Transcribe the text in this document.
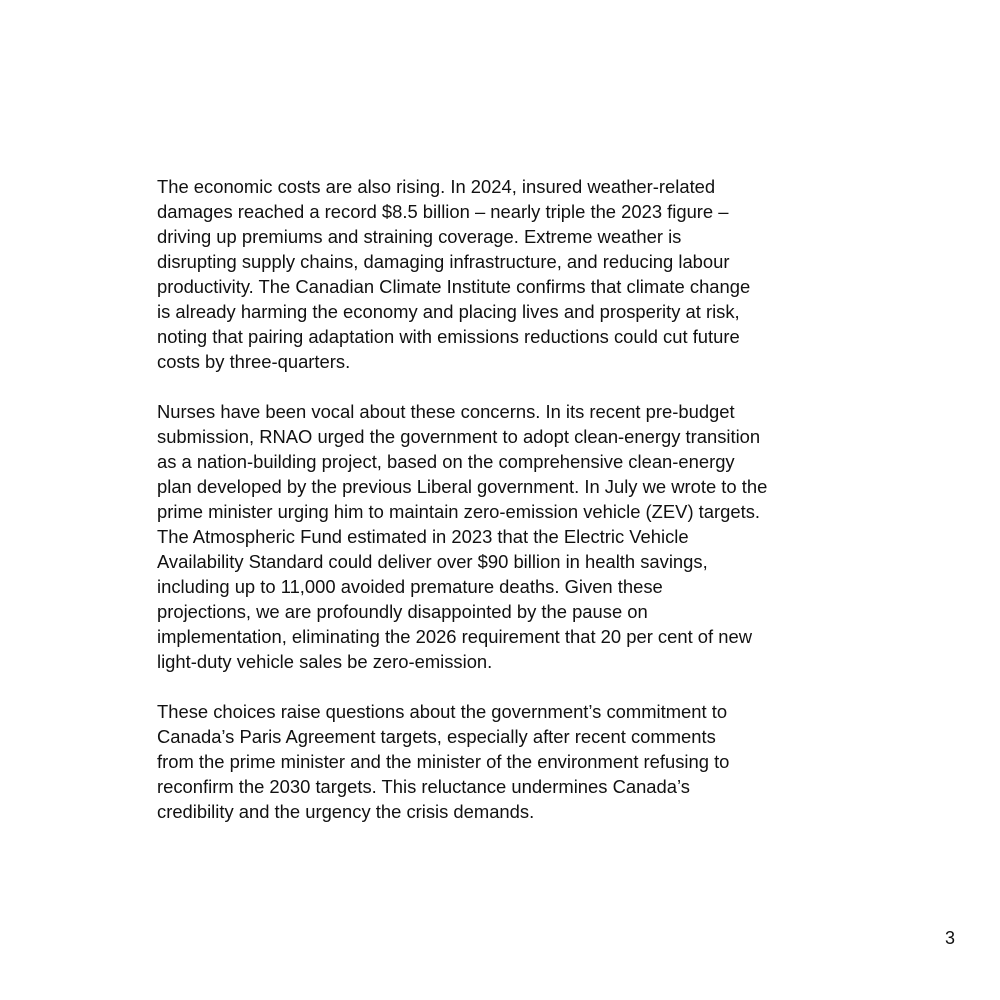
The economic costs are also rising. In 2024, insured weather-related
damages reached a record $8.5 billion – nearly triple the 2023 figure –
driving up premiums and straining coverage. Extreme weather is
disrupting supply chains, damaging infrastructure, and reducing labour
productivity. The Canadian Climate Institute confirms that climate change
is already harming the economy and placing lives and prosperity at risk,
noting that pairing adaptation with emissions reductions could cut future
costs by three-quarters.

Nurses have been vocal about these concerns. In its recent pre-budget
submission, RNAO urged the government to adopt clean-energy transition
as a nation-building project, based on the comprehensive clean-energy
plan developed by the previous Liberal government. In July we wrote to the
prime minister urging him to maintain zero-emission vehicle (ZEV) targets.
The Atmospheric Fund estimated in 2023 that the Electric Vehicle
Availability Standard could deliver over $90 billion in health savings,
including up to 11,000 avoided premature deaths. Given these
projections, we are profoundly disappointed by the pause on
implementation, eliminating the 2026 requirement that 20 per cent of new
light-duty vehicle sales be zero-emission.

These choices raise questions about the government’s commitment to
Canada’s Paris Agreement targets, especially after recent comments
from the prime minister and the minister of the environment refusing to
reconfirm the 2030 targets. This reluctance undermines Canada’s
credibility and the urgency the crisis demands.

3
